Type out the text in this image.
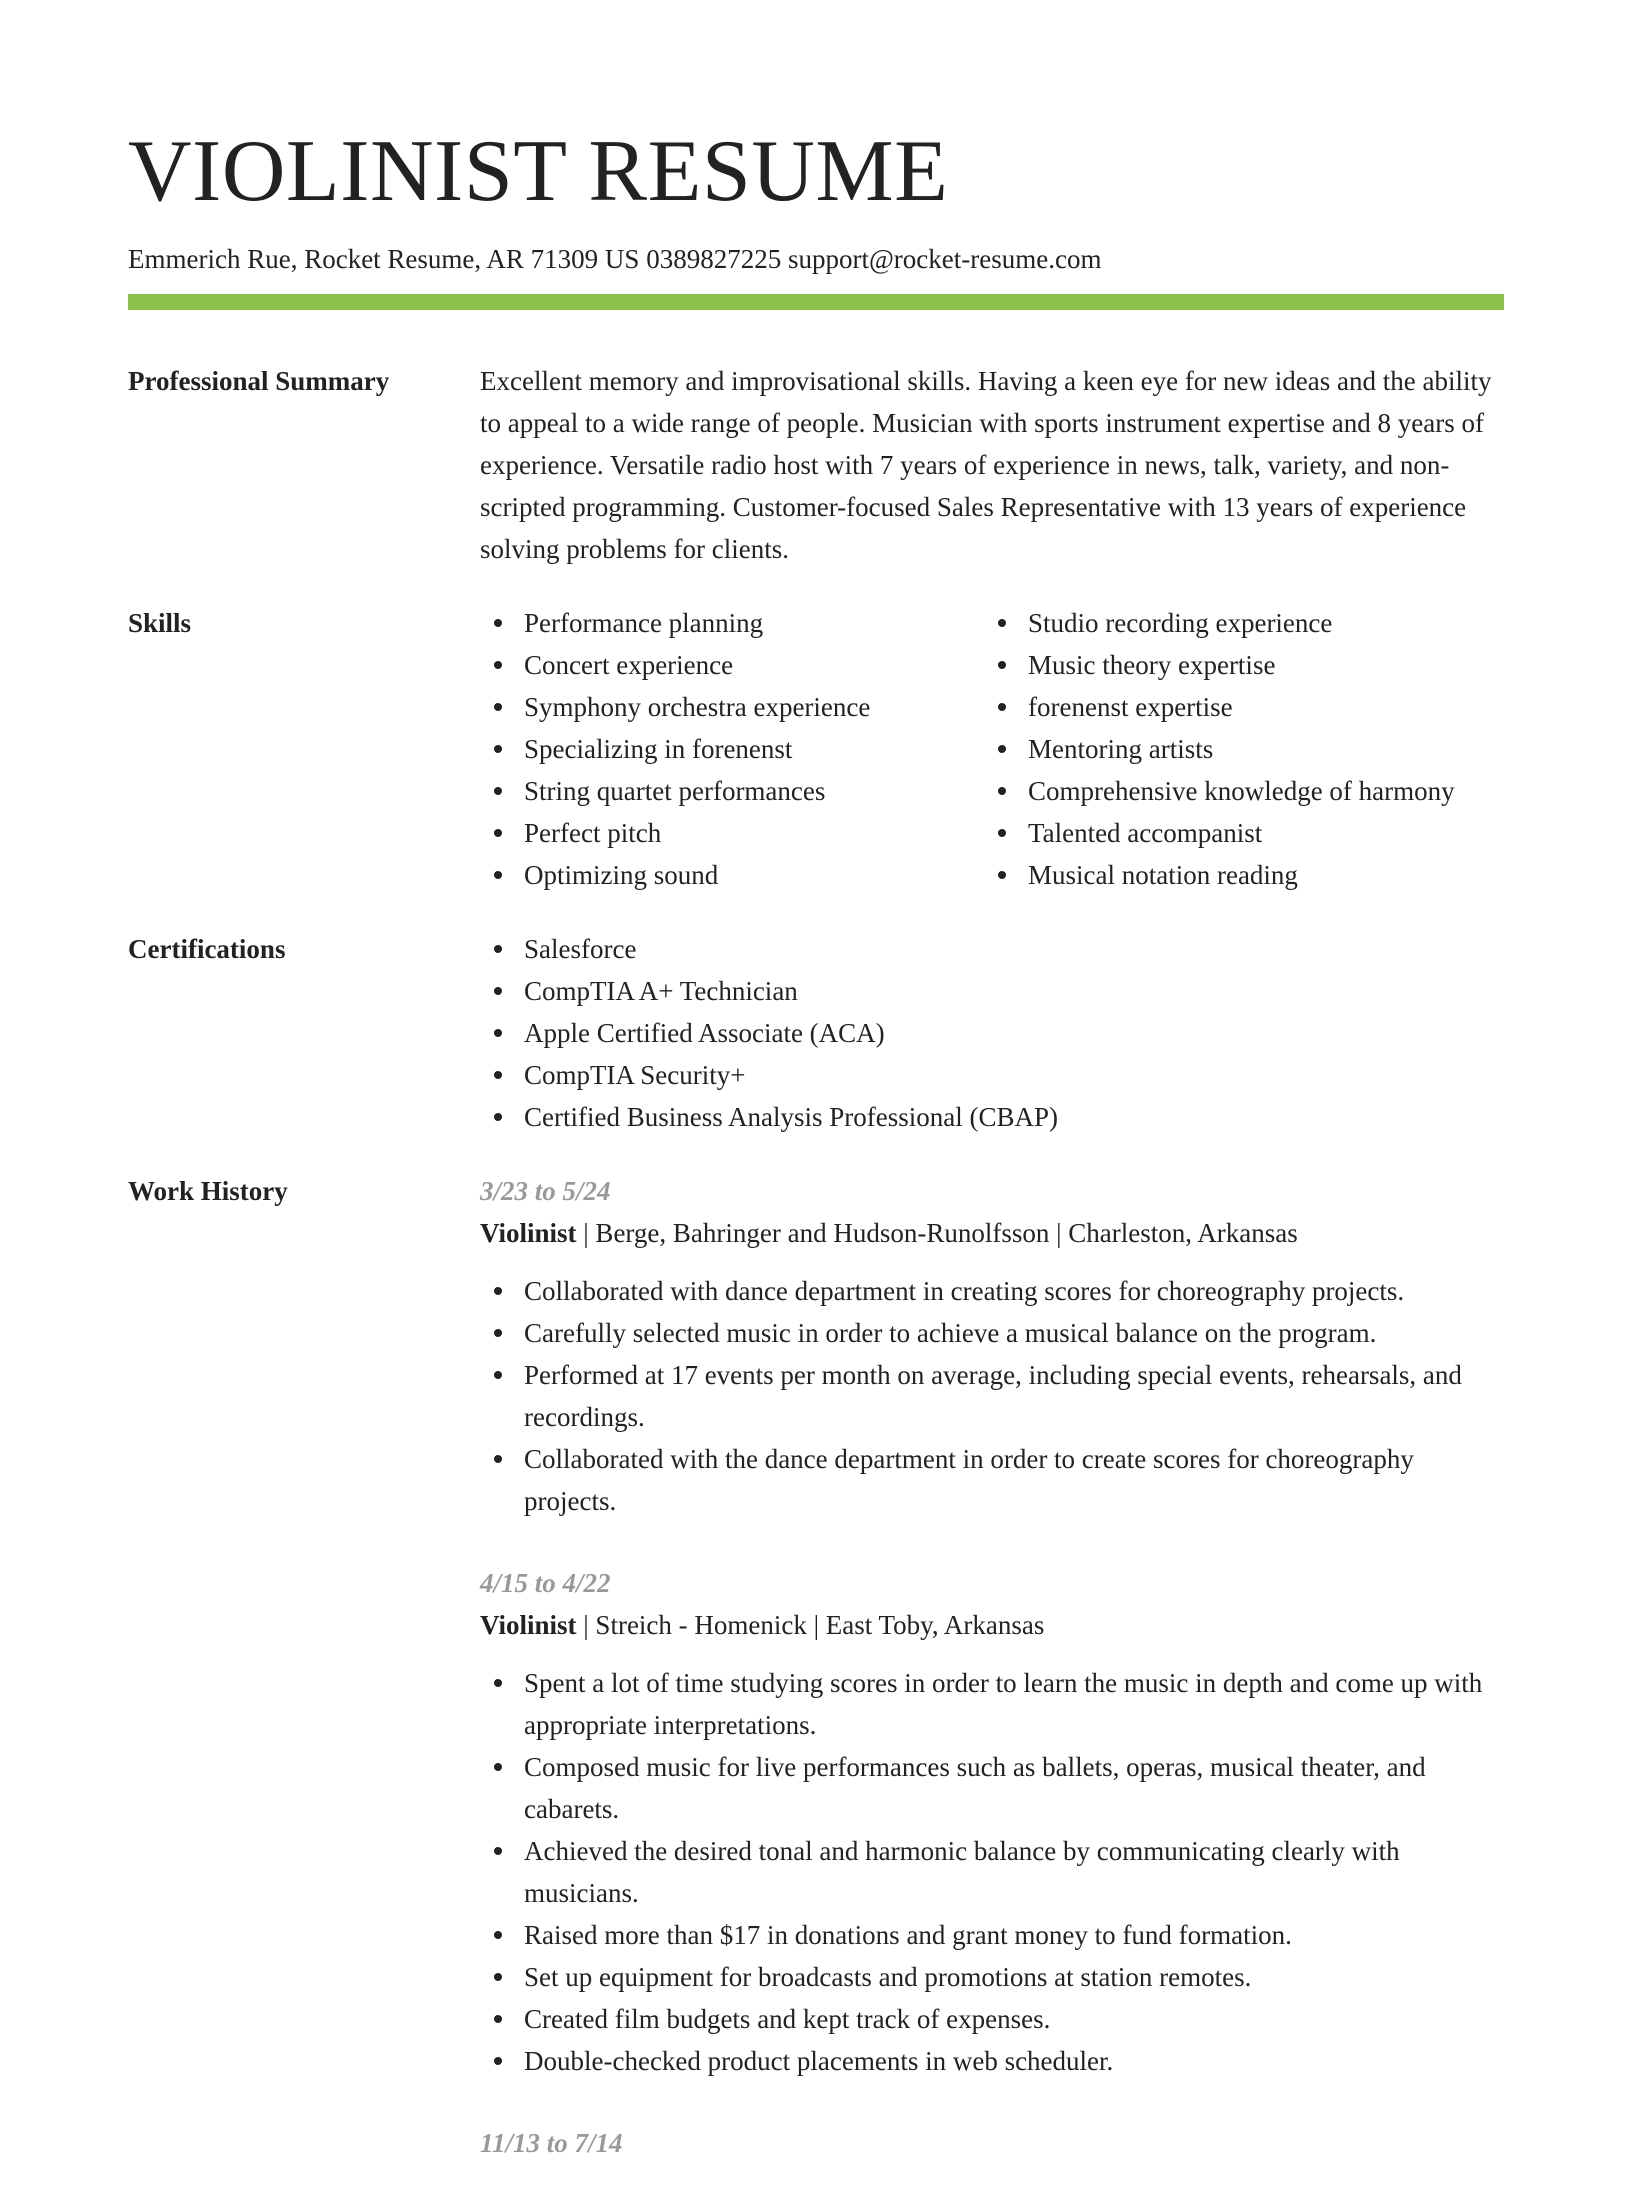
VIOLINIST RESUME
Emmerich Rue, Rocket Resume, AR 71309 US 0389827225 support@rocket-resume.com
Professional Summary	Excellent memory and improvisational skills. Having a keen eye for new ideas and the ability to appeal to a wide range of people. Musician with sports instrument expertise and 8 years of experience. Versatile radio host with 7 years of experience in news, talk, variety, and non-scripted programming. Customer-focused Sales Representative with 13 years of experience solving problems for clients.
Skills	Performance planning
Concert experience
Symphony orchestra experience
Specializing in forenenst
String quartet performances
Perfect pitch
Optimizing sound
Studio recording experience
Music theory expertise
forenenst expertise
Mentoring artists
Comprehensive knowledge of harmony
Talented accompanist
Musical notation reading
Certifications	Salesforce
CompTIA A+ Technician
Apple Certified Associate (ACA)
CompTIA Security+
Certified Business Analysis Professional (CBAP)
Work History	3/23 to 5/24
Violinist | Berge, Bahringer and Hudson-Runolfsson | Charleston, Arkansas
Collaborated with dance department in creating scores for choreography projects.
Carefully selected music in order to achieve a musical balance on the program.
Performed at 17 events per month on average, including special events, rehearsals, and recordings.
Collaborated with the dance department in order to create scores for choreography projects.
4/15 to 4/22
Violinist | Streich - Homenick | East Toby, Arkansas
Spent a lot of time studying scores in order to learn the music in depth and come up with appropriate interpretations.
Composed music for live performances such as ballets, operas, musical theater, and cabarets.
Achieved the desired tonal and harmonic balance by communicating clearly with musicians.
Raised more than $17 in donations and grant money to fund formation.
Set up equipment for broadcasts and promotions at station remotes.
Created film budgets and kept track of expenses.
Double-checked product placements in web scheduler.
11/13 to 7/14
